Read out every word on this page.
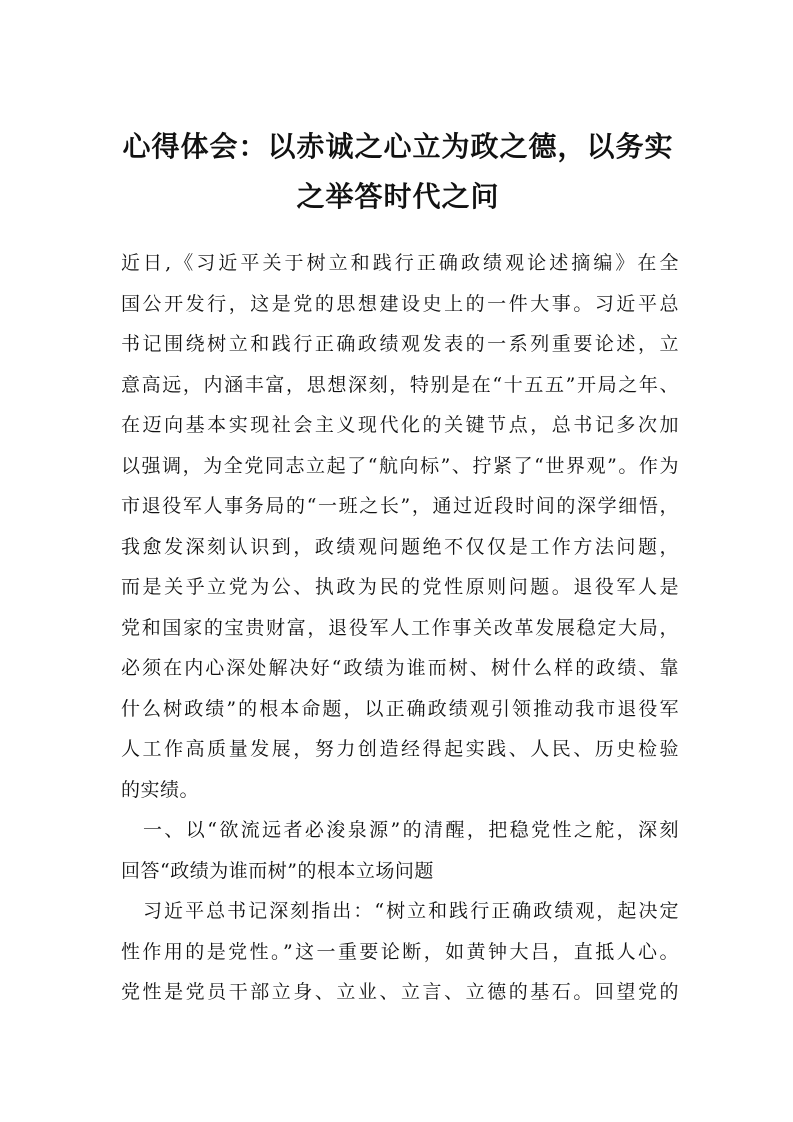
心得体会：以赤诚之心立为政之德，以务实
之举答时代之问
近日,《习近平关于树立和践行正确政绩观论述摘编》在全
国公开发行，这是党的思想建设史上的一件大事。习近平总
书记围绕树立和践行正确政绩观发表的一系列重要论述，立
意高远，内涵丰富，思想深刻，特别是在“十五五”开局之年、
在迈向基本实现社会主义现代化的关键节点，总书记多次加
以强调，为全党同志立起了“航向标”、拧紧了“世界观”。作为
市退役军人事务局的“一班之长”，通过近段时间的深学细悟，
我愈发深刻认识到，政绩观问题绝不仅仅是工作方法问题，
而是关乎立党为公、执政为民的党性原则问题。退役军人是
党和国家的宝贵财富，退役军人工作事关改革发展稳定大局，
必须在内心深处解决好“政绩为谁而树、树什么样的政绩、靠
什么树政绩”的根本命题，以正确政绩观引领推动我市退役军
人工作高质量发展，努力创造经得起实践、人民、历史检验
的实绩。
一、以“欲流远者必浚泉源”的清醒，把稳党性之舵，深刻
回答“政绩为谁而树”的根本立场问题
习近平总书记深刻指出：“树立和践行正确政绩观，起决定
性作用的是党性。”这一重要论断，如黄钟大吕，直抵人心。
党性是党员干部立身、立业、立言、立德的基石。回望党的
